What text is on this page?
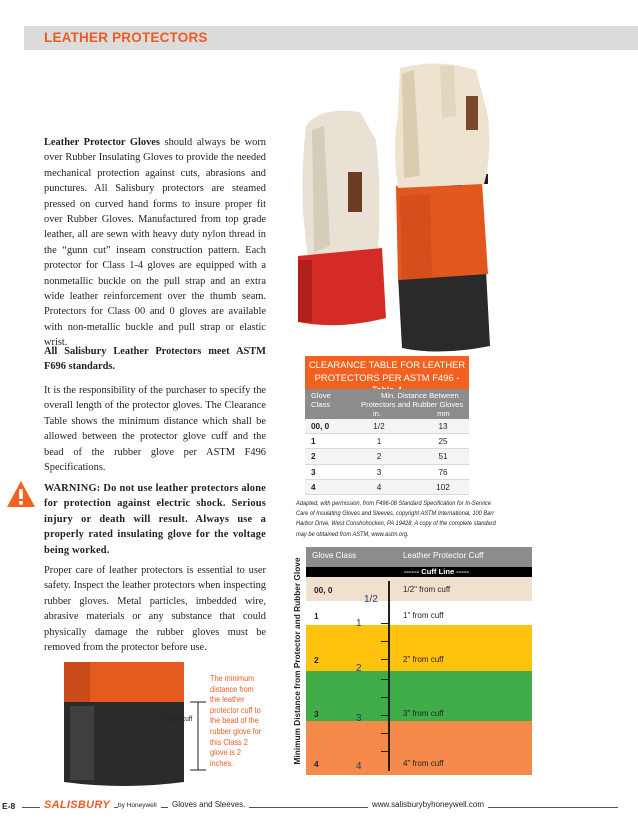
LEATHER PROTECTORS
Leather Protector Gloves should always be worn over Rubber Insulating Gloves to provide the needed mechanical protection against cuts, abrasions and punctures. All Salisbury protectors are steamed pressed on curved hand forms to insure proper fit over Rubber Gloves. Manufactured from top grade leather, all are sewn with heavy duty nylon thread in the “gunn cut” inseam construction pattern. Each protector for Class 1-4 gloves are equipped with a nonmetallic buckle on the pull strap and an extra wide leather reinforcement over the thumb seam. Protectors for Class 00 and 0 gloves are available with non-metallic buckle and pull strap or elastic wrist.
All Salisbury Leather Protectors meet ASTM F696 standards.
It is the responsibility of the purchaser to specify the overall length of the protector gloves. The Clearance Table shows the minimum distance which shall be allowed between the protector glove cuff and the bead of the rubber glove per ASTM F496 Specifications.
WARNING: Do not use leather protectors alone for protection against electric shock. Serious injury or death will result. Always use a properly rated insulating glove for the voltage being worked.
Proper care of leather protectors is essential to user safety. Inspect the leather protectors when inspecting rubber gloves. Metal particles, imbedded wire, abrasive materials or any substance that could physically damage the rubber gloves must be removed from the protector before use.
CLEARANCE TABLE FOR LEATHER
PROTECTORS PER ASTM F496 -
Glove
Class
Min. Distance Between
Protectors and Rubber Gloves
in.	mm
00, 0	1/2	13
1	1	25
2	2	51
3	3	76
4	4	102
Adapted, with permission, from F496-08 Standard Specification for In-Service Care of Insulating Gloves and Sleeves, copyright ASTM International, 100 Barr Harbor Drive, West Conshohocken, PA 19428. A copy of the complete standard may be obtained from ASTM, www.astm.org.
Minimum Distance from Protector and Rubber Glove
Glove Class	Leather Protector Cuff
------ Cuff Line -----
00, 0	1/2" from cuff
1	1" from cuff
2	2" from cuff
3	3" from cuff
4	4" from cuff
1/2
1
2
3
4
2" from cuff
The minimum distance from the leather protector cuff to the bead of the rubber glove for this Class 2 glove is 2 inches.
E-8	SALISBURY	by Honeywell	Gloves and Sleeves.	www.salisburybyhoneywell.com
